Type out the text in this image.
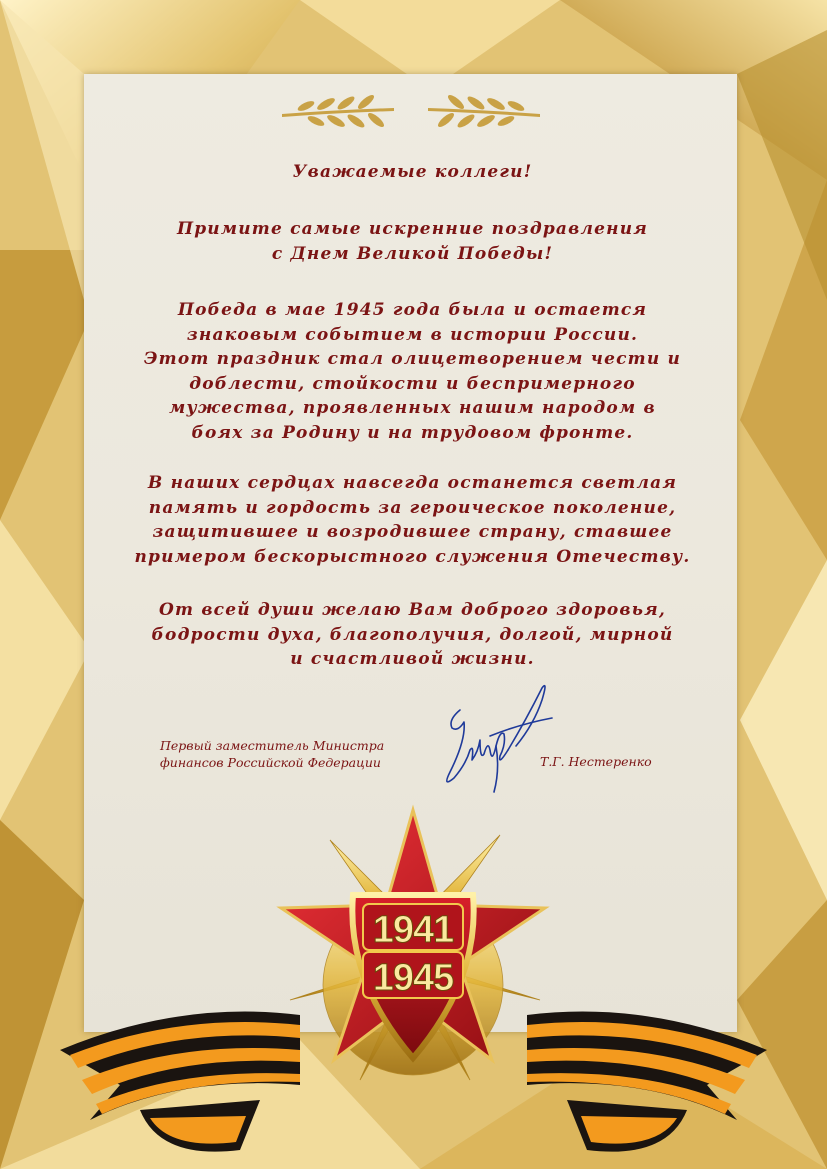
Уважаемые коллеги!

Примите самые искренние поздравления
с Днем Великой Победы!

Победа в мае 1945 года была и остается
знаковым событием в истории России.
Этот праздник стал олицетворением чести и
доблести, стойкости и беспримерного
мужества, проявленных нашим народом в
боях за Родину и на трудовом фронте.

В наших сердцах навсегда останется светлая
память и гордость за героическое поколение,
защитившее и возродившее страну, ставшее
примером бескорыстного служения Отечеству.

От всей души желаю Вам доброго здоровья,
бодрости духа, благополучия, долгой, мирной
и счастливой жизни.

Первый заместитель Министра
финансов Российской Федерации	Т.Г. Нестеренко
1941
1945
